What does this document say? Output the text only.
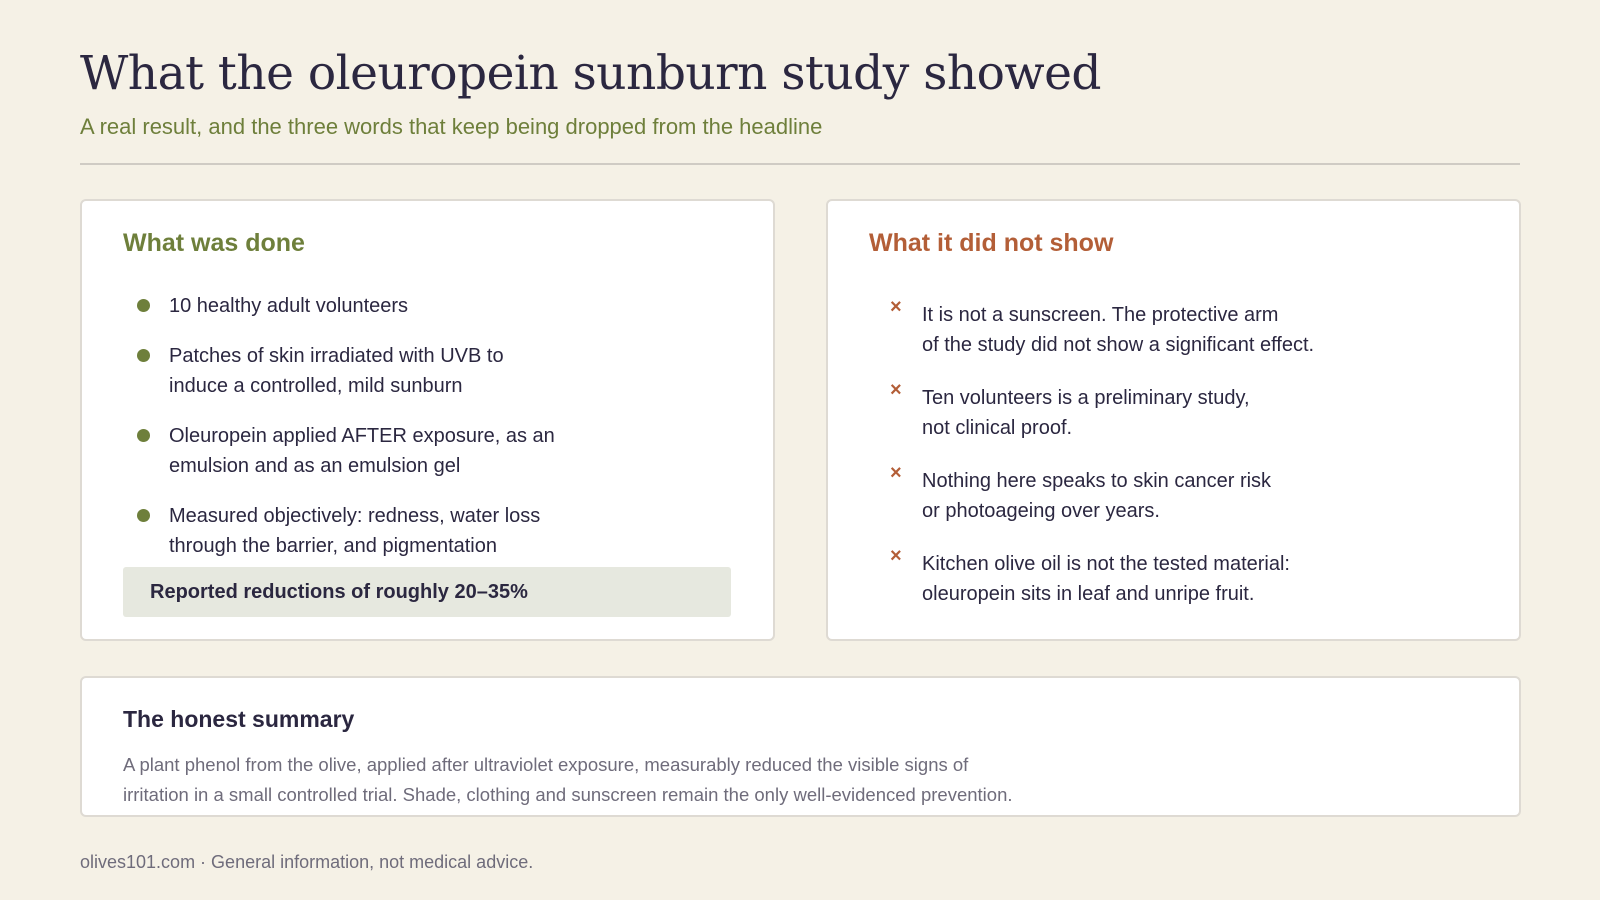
What the oleuropein sunburn study showed

A real result, and the three words that keep being dropped from the headline

What was done
10 healthy adult volunteers
Patches of skin irradiated with UVB to
induce a controlled, mild sunburn
Oleuropein applied AFTER exposure, as an
emulsion and as an emulsion gel
Measured objectively: redness, water loss
through the barrier, and pigmentation
Reported reductions of roughly 20–35%
What it did not show
× It is not a sunscreen. The protective arm
of the study did not show a significant effect.
× Ten volunteers is a preliminary study,
not clinical proof.
× Nothing here speaks to skin cancer risk
or photoageing over years.
× Kitchen olive oil is not the tested material:
oleuropein sits in leaf and unripe fruit.
The honest summary

A plant phenol from the olive, applied after ultraviolet exposure, measurably reduced the visible signs of
irritation in a small controlled trial. Shade, clothing and sunscreen remain the only well-evidenced prevention.

olives101.com · General information, not medical advice.
